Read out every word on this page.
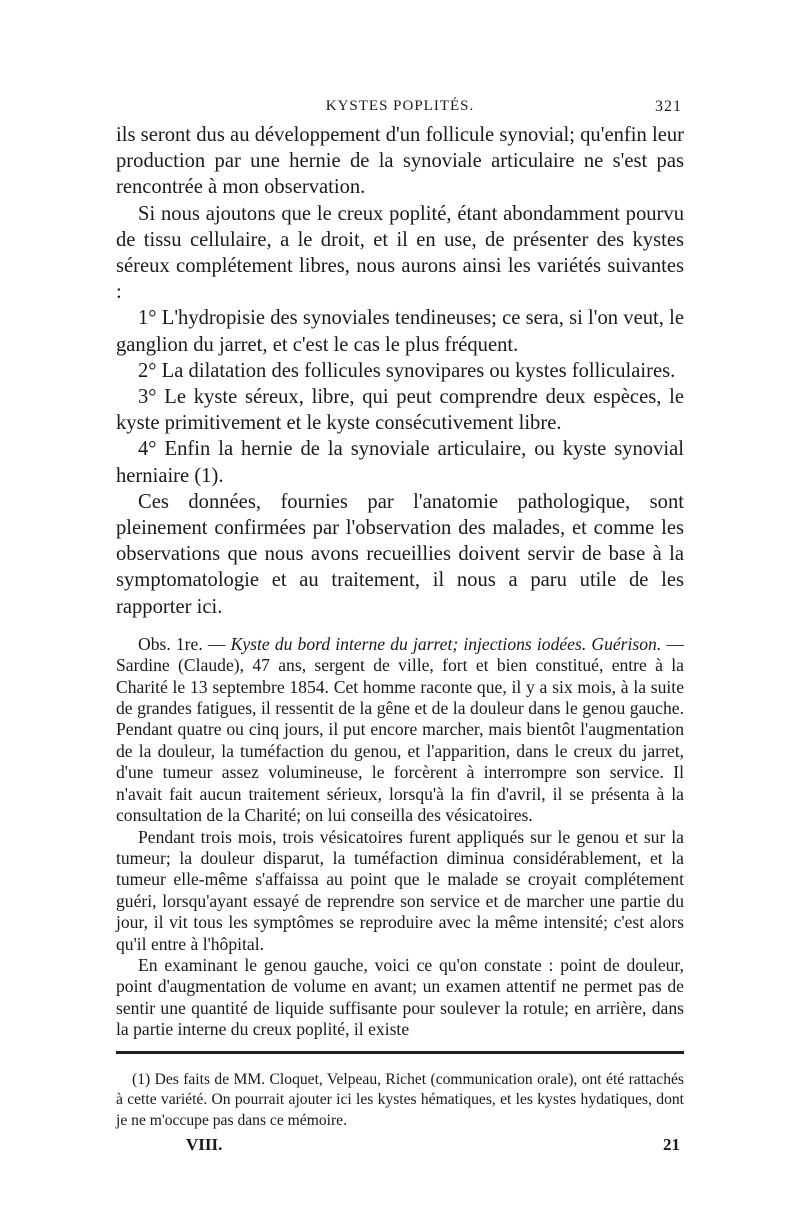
KYSTES POPLITÉS.	321

ils seront dus au développement d'un follicule synovial; qu'enfin leur production par une hernie de la synoviale articulaire ne s'est pas rencontrée à mon observation.

Si nous ajoutons que le creux poplité, étant abondamment pourvu de tissu cellulaire, a le droit, et il en use, de présenter des kystes séreux complétement libres, nous aurons ainsi les variétés suivantes :

1° L'hydropisie des synoviales tendineuses; ce sera, si l'on veut, le ganglion du jarret, et c'est le cas le plus fréquent.

2° La dilatation des follicules synovipares ou kystes folliculaires.

3° Le kyste séreux, libre, qui peut comprendre deux espèces, le kyste primitivement et le kyste consécutivement libre.

4° Enfin la hernie de la synoviale articulaire, ou kyste synovial herniaire (1).

Ces données, fournies par l'anatomie pathologique, sont pleinement confirmées par l'observation des malades, et comme les observations que nous avons recueillies doivent servir de base à la symptomatologie et au traitement, il nous a paru utile de les rapporter ici.

Obs. 1re. — Kyste du bord interne du jarret; injections iodées. Guérison. — Sardine (Claude), 47 ans, sergent de ville, fort et bien constitué, entre à la Charité le 13 septembre 1854. Cet homme raconte que, il y a six mois, à la suite de grandes fatigues, il ressentit de la gêne et de la douleur dans le genou gauche. Pendant quatre ou cinq jours, il put encore marcher, mais bientôt l'augmentation de la douleur, la tuméfaction du genou, et l'apparition, dans le creux du jarret, d'une tumeur assez volumineuse, le forcèrent à interrompre son service. Il n'avait fait aucun traitement sérieux, lorsqu'à la fin d'avril, il se présenta à la consultation de la Charité; on lui conseilla des vésicatoires.

Pendant trois mois, trois vésicatoires furent appliqués sur le genou et sur la tumeur; la douleur disparut, la tuméfaction diminua considérablement, et la tumeur elle-même s'affaissa au point que le malade se croyait complétement guéri, lorsqu'ayant essayé de reprendre son service et de marcher une partie du jour, il vit tous les symptômes se reproduire avec la même intensité; c'est alors qu'il entre à l'hôpital.

En examinant le genou gauche, voici ce qu'on constate : point de douleur, point d'augmentation de volume en avant; un examen attentif ne permet pas de sentir une quantité de liquide suffisante pour soulever la rotule; en arrière, dans la partie interne du creux poplité, il existe

(1) Des faits de MM. Cloquet, Velpeau, Richet (communication orale), ont été rattachés à cette variété. On pourrait ajouter ici les kystes hématiques, et les kystes hydatiques, dont je ne m'occupe pas dans ce mémoire.

VIII.	21
